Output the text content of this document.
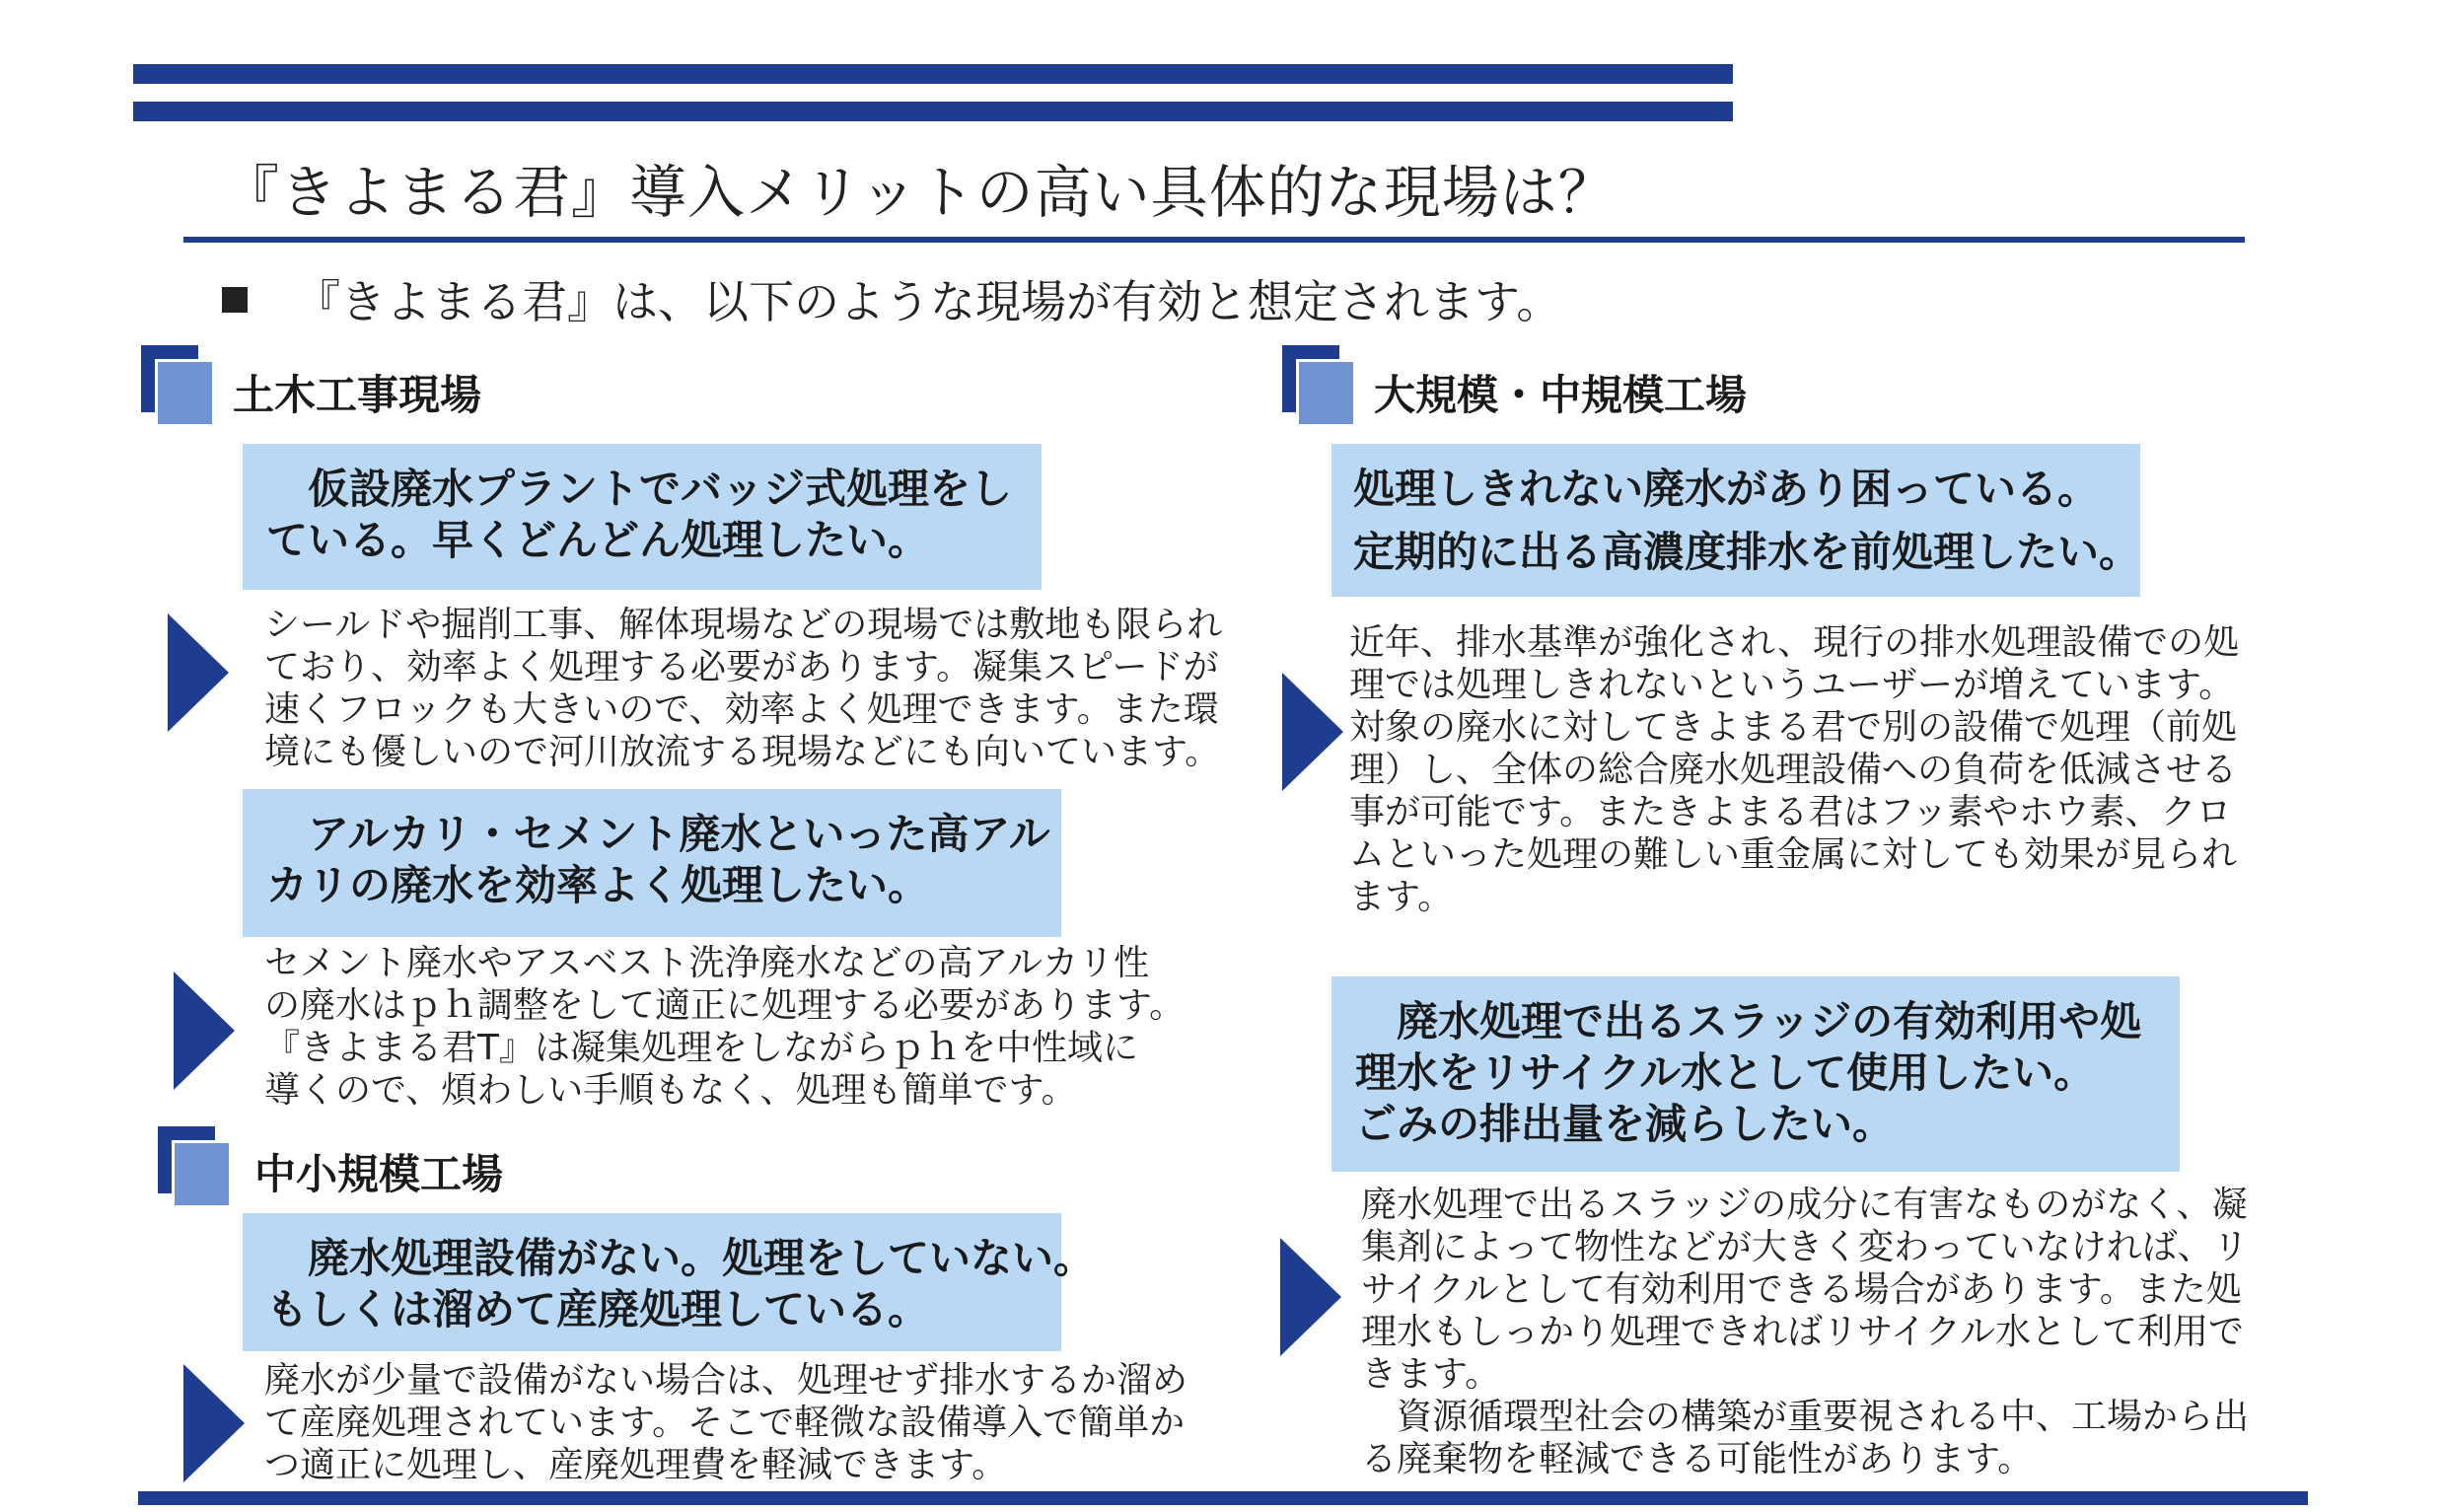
『きよまる君』導入メリットの高い具体的な現場は？
『きよまる君』は、以下のような現場が有効と想定されます。
土木工事現場
　仮設廃水プラントでバッジ式処理をし
ている。早くどんどん処理したい。
シールドや掘削工事、解体現場などの現場では敷地も限られ
ており、効率よく処理する必要があります。凝集スピードが
速くフロックも大きいので、効率よく処理できます。また環
境にも優しいので河川放流する現場などにも向いています。
　アルカリ・セメント廃水といった高アル
カリの廃水を効率よく処理したい。
セメント廃水やアスベスト洗浄廃水などの高アルカリ性
の廃水はｐｈ調整をして適正に処理する必要があります。
『きよまる君T』は凝集処理をしながらｐｈを中性域に
導くので、煩わしい手順もなく、処理も簡単です。
中小規模工場
　廃水処理設備がない。処理をしていない。
もしくは溜めて産廃処理している。
廃水が少量で設備がない場合は、処理せず排水するか溜め
て産廃処理されています。そこで軽微な設備導入で簡単か
つ適正に処理し、産廃処理費を軽減できます。
大規模・中規模工場
処理しきれない廃水があり困っている。
定期的に出る高濃度排水を前処理したい。
近年、排水基準が強化され、現行の排水処理設備での処
理では処理しきれないというユーザーが増えています。
対象の廃水に対してきよまる君で別の設備で処理（前処
理）し、全体の総合廃水処理設備への負荷を低減させる
事が可能です。またきよまる君はフッ素やホウ素、クロ
ムといった処理の難しい重金属に対しても効果が見られ
ます。
　廃水処理で出るスラッジの有効利用や処
理水をリサイクル水として使用したい。
ごみの排出量を減らしたい。
廃水処理で出るスラッジの成分に有害なものがなく、凝
集剤によって物性などが大きく変わっていなければ、リ
サイクルとして有効利用できる場合があります。また処
理水もしっかり処理できればリサイクル水として利用で
きます。
　資源循環型社会の構築が重要視される中、工場から出
る廃棄物を軽減できる可能性があります。
